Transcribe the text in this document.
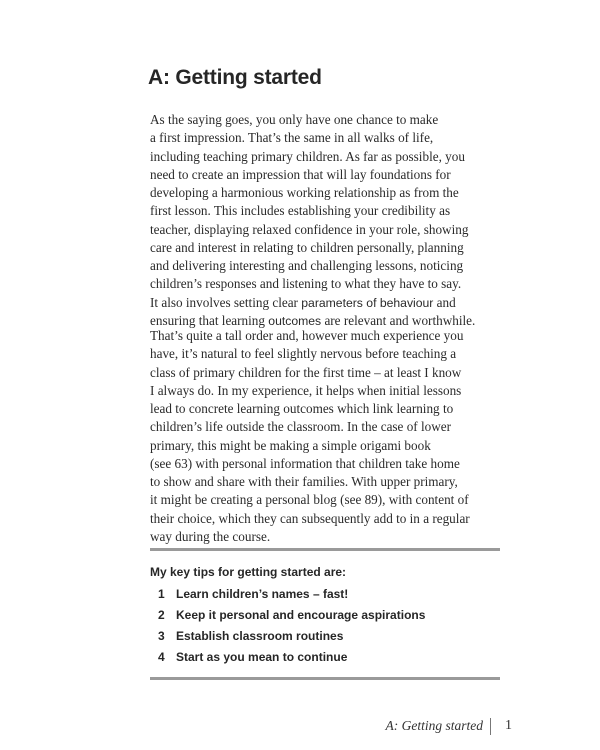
A: Getting started

As the saying goes, you only have one chance to make
a first impression. That’s the same in all walks of life,
including teaching primary children. As far as possible, you
need to create an impression that will lay foundations for
developing a harmonious working relationship as from the
first lesson. This includes establishing your credibility as
teacher, displaying relaxed confidence in your role, showing
care and interest in relating to children personally, planning
and delivering interesting and challenging lessons, noticing
children’s responses and listening to what they have to say.
It also involves setting clear parameters of behaviour and
ensuring that learning outcomes are relevant and worthwhile.

That’s quite a tall order and, however much experience you
have, it’s natural to feel slightly nervous before teaching a
class of primary children for the first time – at least I know
I always do. In my experience, it helps when initial lessons
lead to concrete learning outcomes which link learning to
children’s life outside the classroom. In the case of lower
primary, this might be making a simple origami book
(see 63) with personal information that children take home
to show and share with their families. With upper primary,
it might be creating a personal blog (see 89), with content of
their choice, which they can subsequently add to in a regular
way during the course.

My key tips for getting started are:

1 Learn children’s names – fast!
2 Keep it personal and encourage aspirations
3 Establish classroom routines
4 Start as you mean to continue
A: Getting started	1
